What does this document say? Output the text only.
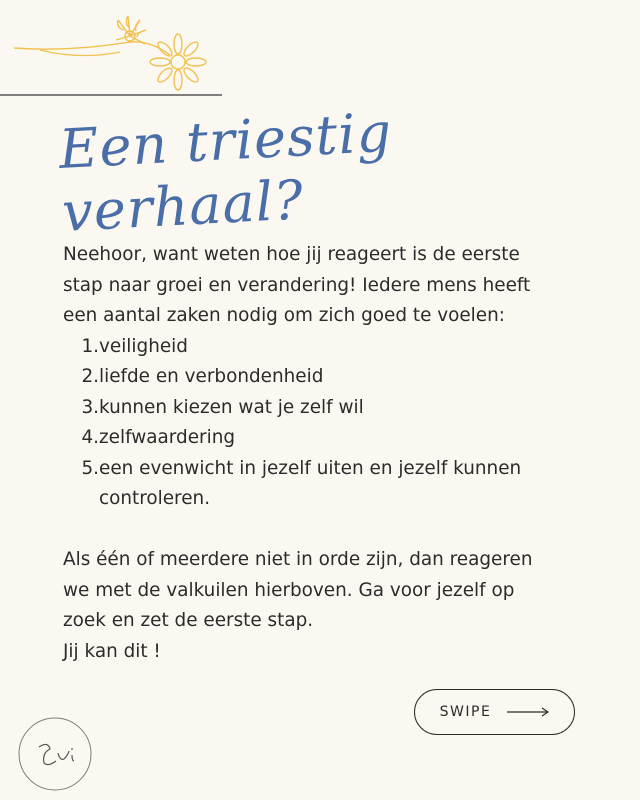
Een triestig verhaal?

Neehoor, want weten hoe jij reageert is de eerste stap naar groei en verandering! Iedere mens heeft een aantal zaken nodig om zich goed te voelen:

1. veiligheid
2. liefde en verbondenheid
3. kunnen kiezen wat je zelf wil
4. zelfwaardering
5. een evenwicht in jezelf uiten en jezelf kunnen controleren.

Als één of meerdere niet in orde zijn, dan reageren we met de valkuilen hierboven. Ga voor jezelf op zoek en zet de eerste stap.

Jij kan dit !

SWIPE
